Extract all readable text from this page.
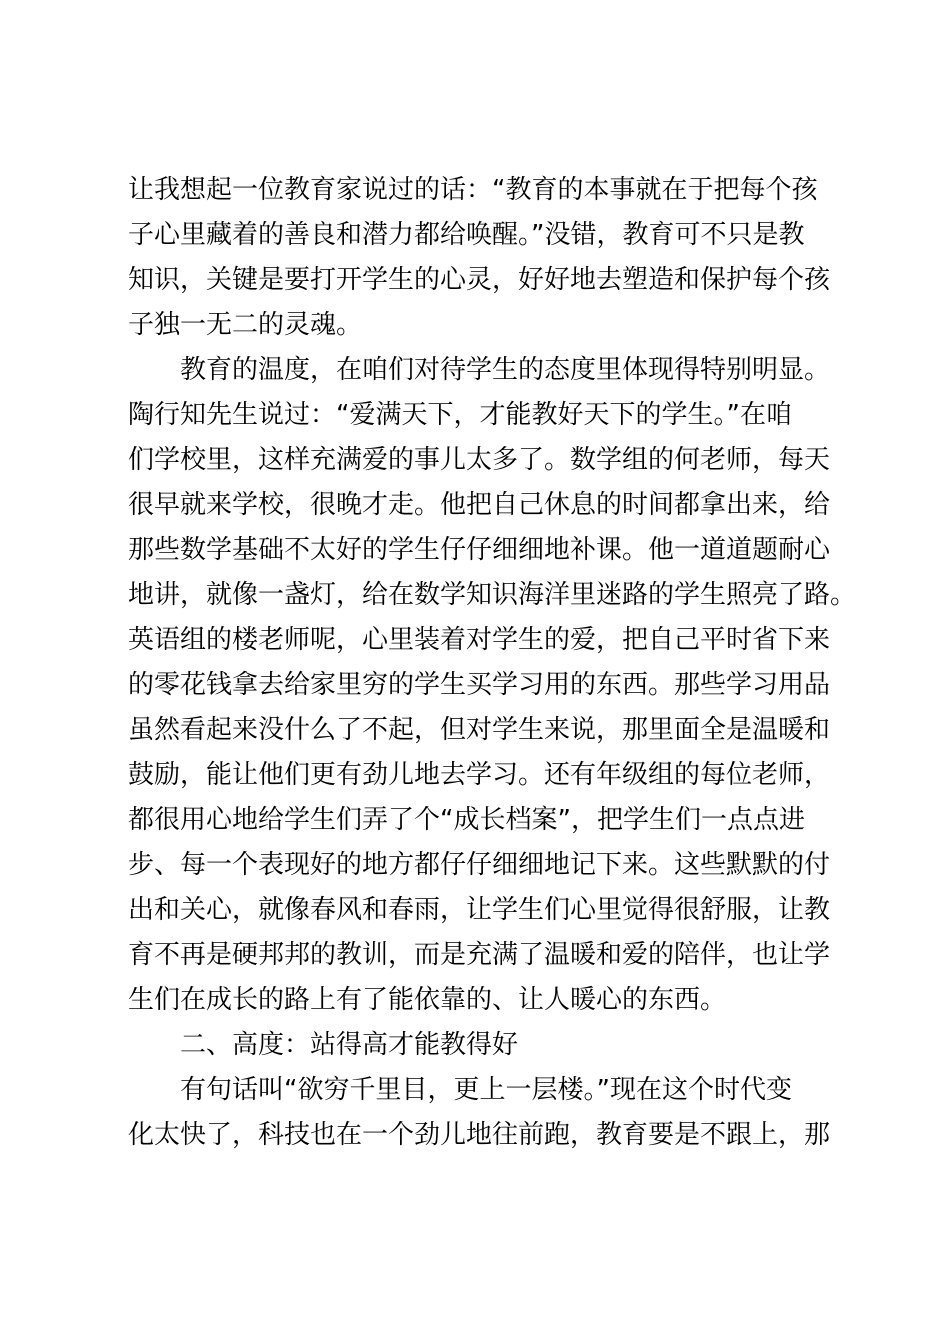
让我想起一位教育家说过的话：“教育的本事就在于把每个孩
子心里藏着的善良和潜力都给唤醒。”没错，教育可不只是教
知识，关键是要打开学生的心灵，好好地去塑造和保护每个孩
子独一无二的灵魂。
教育的温度，在咱们对待学生的态度里体现得特别明显。
陶行知先生说过：“爱满天下，才能教好天下的学生。”在咱
们学校里，这样充满爱的事儿太多了。数学组的何老师，每天
很早就来学校，很晚才走。他把自己休息的时间都拿出来，给
那些数学基础不太好的学生仔仔细细地补课。他一道道题耐心
地讲，就像一盏灯，给在数学知识海洋里迷路的学生照亮了路。
英语组的楼老师呢，心里装着对学生的爱，把自己平时省下来
的零花钱拿去给家里穷的学生买学习用的东西。那些学习用品
虽然看起来没什么了不起，但对学生来说，那里面全是温暖和
鼓励，能让他们更有劲儿地去学习。还有年级组的每位老师，
都很用心地给学生们弄了个“成长档案”，把学生们一点点进
步、每一个表现好的地方都仔仔细细地记下来。这些默默的付
出和关心，就像春风和春雨，让学生们心里觉得很舒服，让教
育不再是硬邦邦的教训，而是充满了温暖和爱的陪伴，也让学
生们在成长的路上有了能依靠的、让人暖心的东西。
二、高度：站得高才能教得好
有句话叫“欲穷千里目，更上一层楼。”现在这个时代变
化太快了，科技也在一个劲儿地往前跑，教育要是不跟上，那
